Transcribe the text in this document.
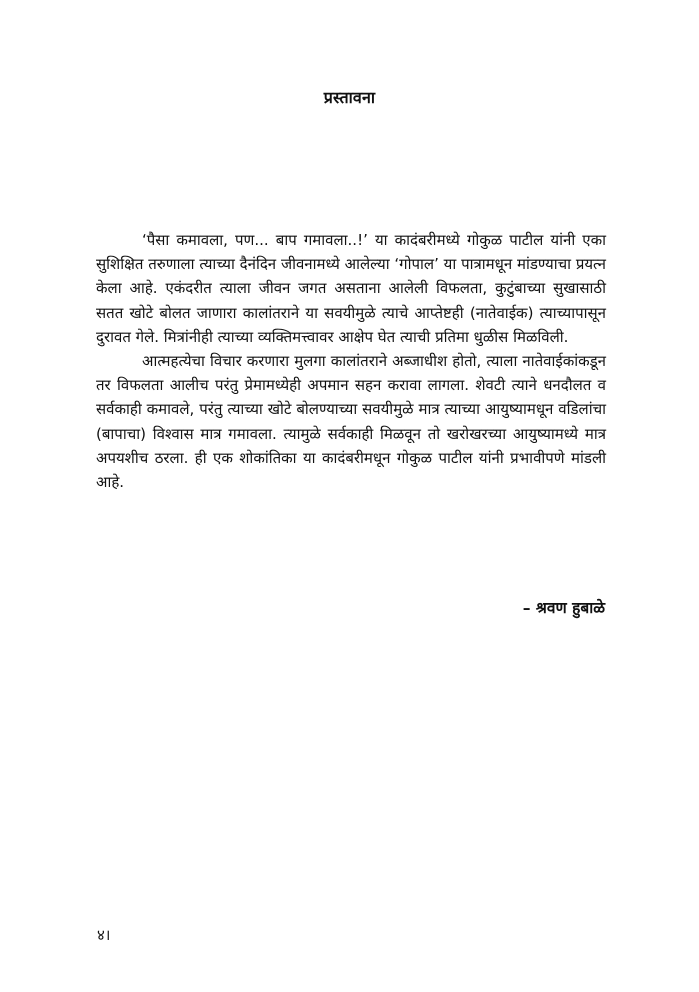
प्रस्तावना

‘पैसा कमावला, पण... बाप गमावला..!’ या कादंबरीमध्ये गोकुळ पाटील यांनी एका सुशिक्षित तरुणाला त्याच्या दैनंदिन जीवनामध्ये आलेल्या ‘गोपाल’ या पात्रामधून मांडण्याचा प्रयत्न केला आहे. एकंदरीत त्याला जीवन जगत असताना आलेली विफलता, कुटुंबाच्या सुखासाठी सतत खोटे बोलत जाणारा कालांतराने या सवयीमुळे त्याचे आप्तेष्टही (नातेवाईक) त्याच्यापासून दुरावत गेले. मित्रांनीही त्याच्या व्यक्तिमत्त्वावर आक्षेप घेत त्याची प्रतिमा धुळीस मिळविली.

आत्महत्येचा विचार करणारा मुलगा कालांतराने अब्जाधीश होतो, त्याला नातेवाईकांकडून तर विफलता आलीच परंतु प्रेमामध्येही अपमान सहन करावा लागला. शेवटी त्याने धनदौलत व सर्वकाही कमावले, परंतु त्याच्या खोटे बोलण्याच्या सवयीमुळे मात्र त्याच्या आयुष्यामधून वडिलांचा (बापाचा) विश्वास मात्र गमावला. त्यामुळे सर्वकाही मिळवून तो खरोखरच्या आयुष्यामध्ये मात्र अपयशीच ठरला. ही एक शोकांतिका या कादंबरीमधून गोकुळ पाटील यांनी प्रभावीपणे मांडली आहे.

– श्रवण हुबाळे
४।
